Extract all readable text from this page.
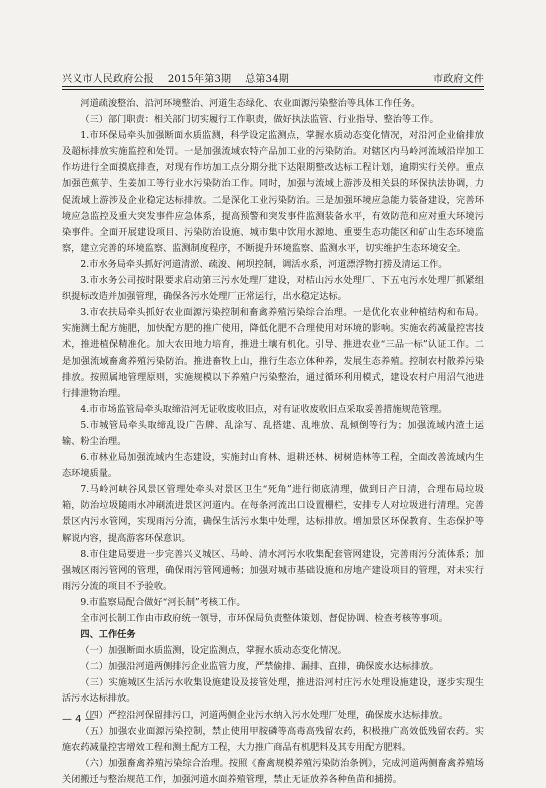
兴义市人民政府公报 2015年第3期 总第34期	市政府文件

河道疏浚整治、沿河环境整治、河道生态绿化、农业面源污染整治等具体工作任务。

（三）部门职责：相关部门切实履行工作职责，做好执法监管、行业指导、整治等工作。

1.市环保局牵头加强断面水质监测，科学设定监测点，掌握水质动态变化情况，对沿河企业偷排放及超标排放实施监控和处罚。一是加强流域农特产品加工业的污染防治。对辖区内马岭河流域沿岸加工作坊进行全面摸底排查，对现有作坊加工点分期分批下达限期整改达标工程计划，逾期实行关停。重点加强芭蕉芋、生姜加工等行业水污染防治工作。同时，加强与流域上游涉及相关县的环保执法协调，力促流域上游涉及企业稳定达标排放。二是深化工业污染防治。三是加强环境应急能力装备建设，完善环境应急监控及重大突发事件应急体系，提高预警和突发事件监测装备水平，有效防范和应对重大环境污染事件。全面开展建设项目、污染防治设施、城市集中饮用水源地、重要生态功能区和矿山生态环境监察，建立完善的环境监察、监测制度程序，不断提升环境监察、监测水平，切实维护生态环境安全。

2.市水务局牵头抓好河道清淤、疏浚、闸坝控制，调活水系，河道漂浮物打捞及清运工作。

3.市水务公司按时限要求启动第三污水处理厂建设，对桔山污水处理厂、下五屯污水处理厂抓紧组织提标改造并加强管理，确保各污水处理厂正常运行，出水稳定达标。

3.市农扶局牵头抓好农业面源污染控制和畜禽养殖污染综合治理。一是优化农业种植结构和布局。实施测土配方施肥，加快配方肥的推广使用，降低化肥不合理使用对环境的影响。实施农药减量控害技术，推进植保精准化。加大农田地力培育，推进土壤有机化。引导、推进农业“三品一标”认证工作。二是加强流域畜禽养殖污染防治。推进畜牧上山，推行生态立体种养，发展生态养殖。控制农村散养污染排放。按照属地管理原则，实施规模以下养殖户污染整治，通过循环利用模式，建设农村户用沼气池进行排泄物治理。

4.市市场监管局牵头取缔沿河无证收废收旧点，对有证收废收旧点采取妥善措施规范管理。

5.市城管局牵头取缔乱设广告牌、乱涂写、乱搭建、乱堆放、乱倾倒等行为；加强流域内渣土运输、粉尘治理。

6.市林业局加强流域内生态建设，实施封山育林、退耕还林、树树造林等工程，全面改善流域内生态环境质量。

7.马岭河峡谷风景区管理处牵头对景区卫生“死角”进行彻底清理，做到日产日清，合理布局垃圾箱，防治垃圾随雨水冲刷流进景区河道内。在每条河流出口设置栅栏，安排专人对垃圾进行清理。完善景区内污水管网，实现雨污分流，确保生活污水集中处理，达标排放。增加景区环保教育、生态保护等解说内容，提高游客环保意识。

8.市住建局要进一步完善兴义城区、马岭、清水河污水收集配套管网建设，完善雨污分流体系；加强城区雨污管网的管理，确保雨污管网通畅；加强对城市基础设施和房地产建设项目的管理，对未实行雨污分流的项目不予验收。

9.市监察局配合做好“河长制”考核工作。

全市河长制工作由市政府统一领导，市环保局负责整体策划、督促协调、检查考核等事项。

四、工作任务

（一）加强断面水质监测，设定监测点，掌握水质动态变化情况。

（二）加强沿河道两侧排污企业监管力度，严禁偷排、漏排、直排，确保废水达标排放。

（三）实施城区生活污水收集设施建设及接管处理，推进沿河村庄污水处理设施建设，逐步实现生活污水达标排放。

（四）严控沿河保留排污口，河道两侧企业污水纳入污水处理厂处理，确保废水达标排放。

（五）加强农业面源污染控制，禁止使用甲胺磷等高毒高残留农药，积极推广高效低残留农药。实施农药减量控害增效工程和测土配方工程，大力推广商品有机肥料及其专用配方肥料。

（六）加强畜禽养殖污染综合治理。按照《畜禽规模养殖污染防治条例》，完成河道两侧畜禽养殖场关闭搬迁与整治规范工作，加强河道水面养殖管理，禁止无证放养各种鱼苗和捕捞。

— 4 —
